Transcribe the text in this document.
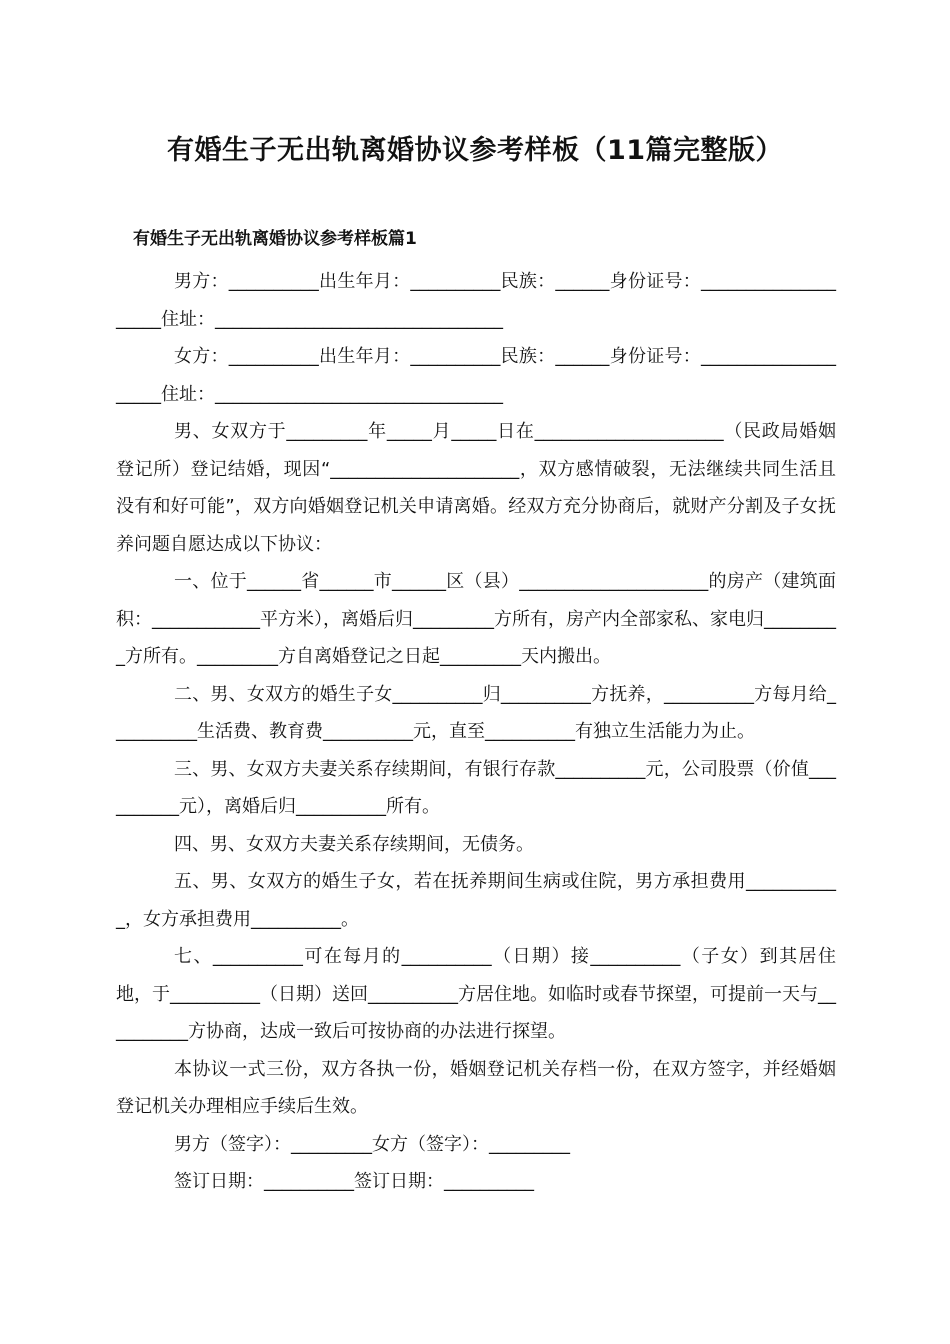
有婚生子无出轨离婚协议参考样板（11篇完整版）
有婚生子无出轨离婚协议参考样板篇1

男方：__________出生年月：__________民族：______身份证号：____________________住址：________________________________

女方：__________出生年月：__________民族：______身份证号：____________________住址：________________________________

男、女双方于_________年_____月_____日在_____________________（民政局婚姻登记所）登记结婚，现因“_____________________，双方感情破裂，无法继续共同生活且没有和好可能”，双方向婚姻登记机关申请离婚。经双方充分协商后，就财产分割及子女抚养问题自愿达成以下协议：

一、位于______省______市______区（县）_____________________的房产（建筑面积：____________平方米），离婚后归_________方所有，房产内全部家私、家电归_________方所有。_________方自离婚登记之日起_________天内搬出。

二、男、女双方的婚生子女__________归__________方抚养，__________方每月给__________生活费、教育费__________元，直至__________有独立生活能力为止。

三、男、女双方夫妻关系存续期间，有银行存款__________元，公司股票（价值__________元），离婚后归__________所有。

四、男、女双方夫妻关系存续期间，无债务。

五、男、女双方的婚生子女，若在抚养期间生病或住院，男方承担费用___________，女方承担费用__________。

七、__________可在每月的__________（日期）接__________（子女）到其居住地，于__________（日期）送回__________方居住地。如临时或春节探望，可提前一天与__________方协商，达成一致后可按协商的办法进行探望。

本协议一式三份，双方各执一份，婚姻登记机关存档一份，在双方签字，并经婚姻登记机关办理相应手续后生效。

男方（签字）：_________女方（签字）：_________

签订日期：__________签订日期：__________
